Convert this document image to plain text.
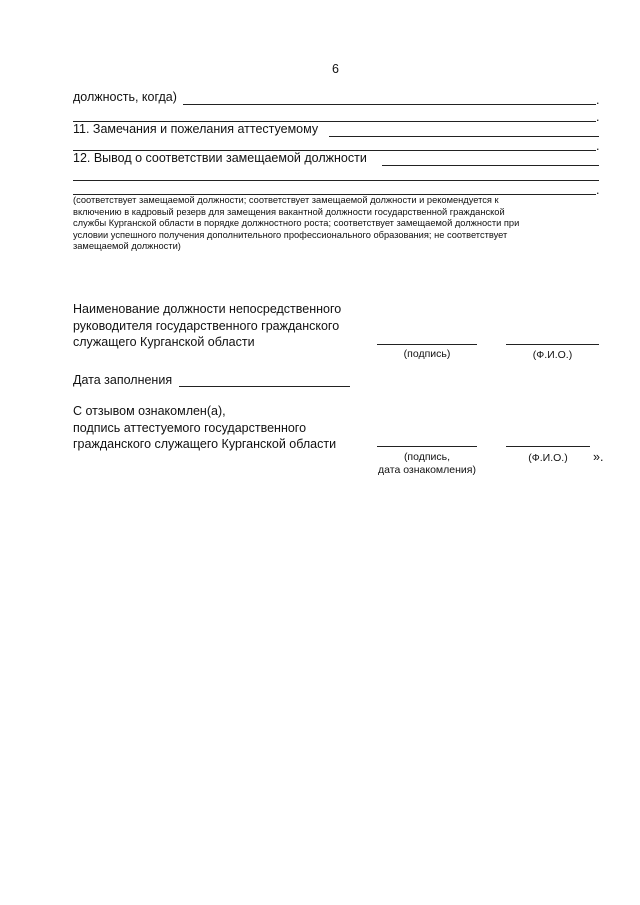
6
должность, когда)	.
.
11. Замечания и пожелания аттестуемому
.
12. Вывод о соответствии замещаемой должности
.
(соответствует замещаемой должности; соответствует замещаемой должности и рекомендуется к
включению в кадровый резерв для замещения вакантной должности государственной гражданской
службы Курганской области в порядке должностного роста; соответствует замещаемой должности при
условии успешного получения дополнительного профессионального образования; не соответствует
замещаемой должности)
Наименование должности непосредственного
руководителя государственного гражданского
служащего Курганской области
(подпись)	(Ф.И.О.)
Дата заполнения
С отзывом ознакомлен(а),
подпись аттестуемого государственного
гражданского служащего Курганской области
(подпись,
дата ознакомления)
(Ф.И.О.)	».
